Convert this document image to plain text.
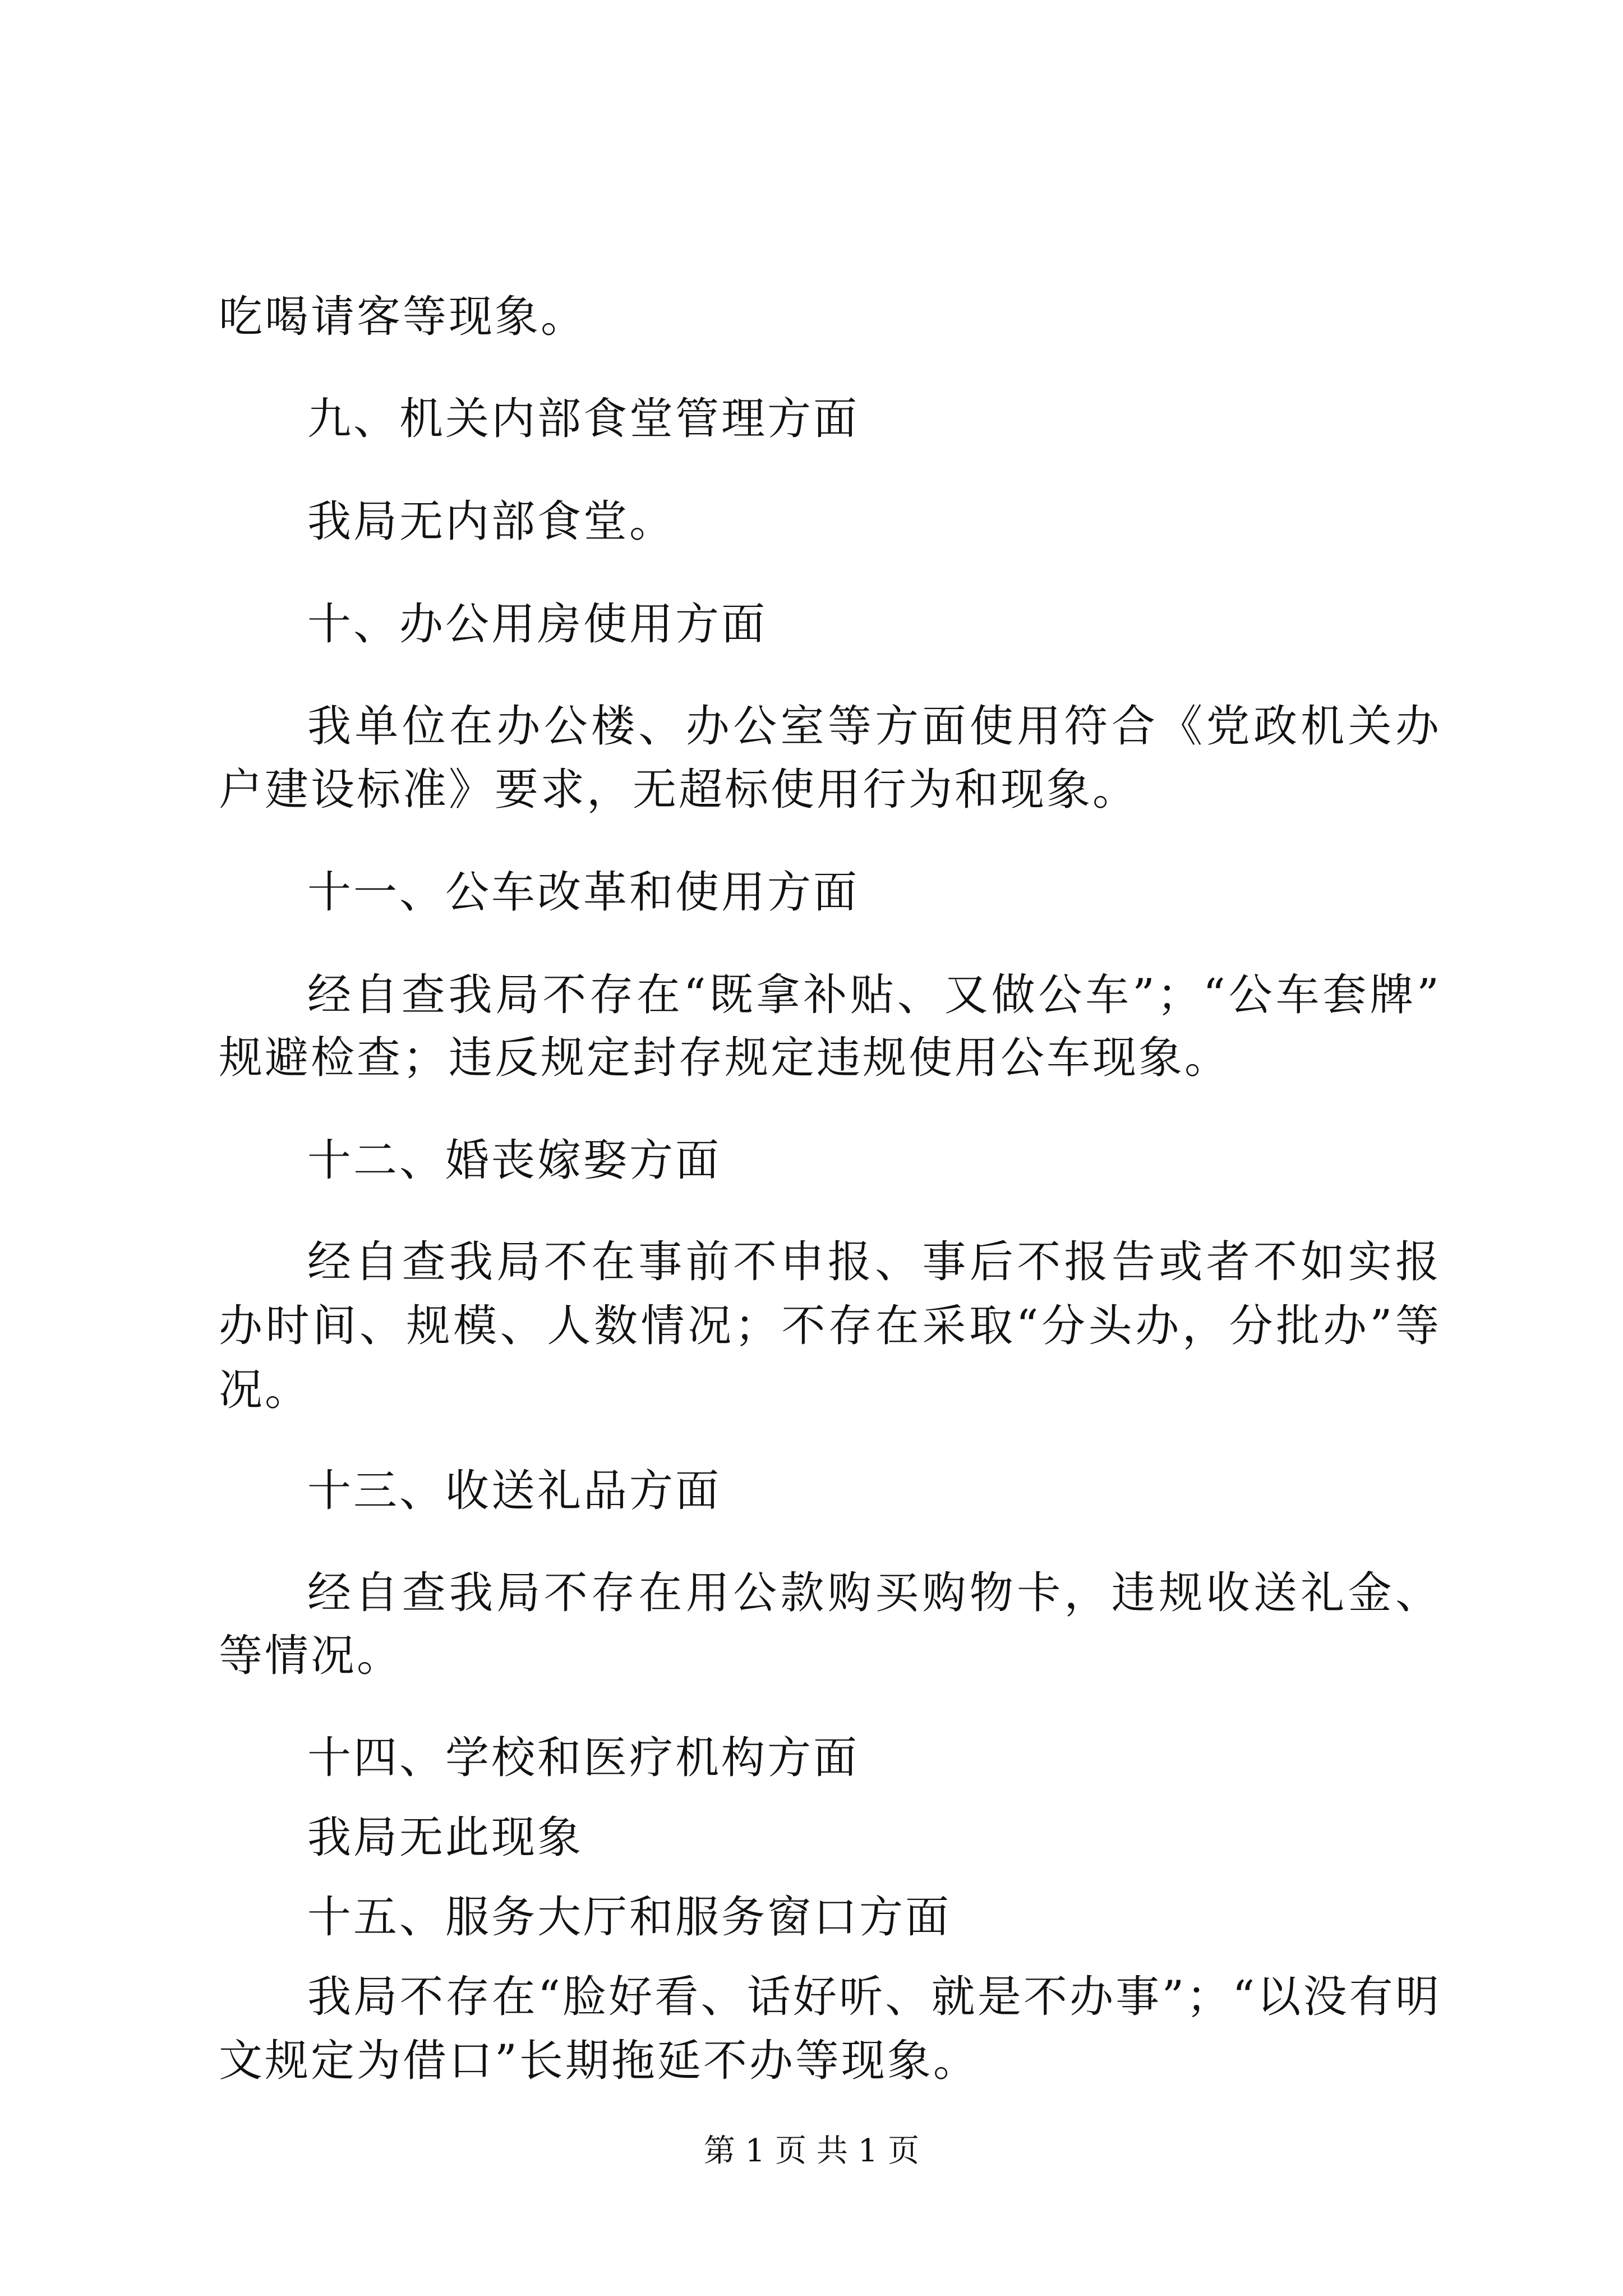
吃喝请客等现象。
九、机关内部食堂管理方面
我局无内部食堂。
十、办公用房使用方面
我单位在办公楼、办公室等方面使用符合《党政机关办
户建设标准》要求，无超标使用行为和现象。
十一、公车改革和使用方面
经自查我局不存在“既拿补贴、又做公车”；“公车套牌”
规避检查；违反规定封存规定违规使用公车现象。
十二、婚丧嫁娶方面
经自查我局不在事前不申报、事后不报告或者不如实报
办时间、规模、人数情况；不存在采取“分头办，分批办”等
况。
十三、收送礼品方面
经自查我局不存在用公款购买购物卡，违规收送礼金、
等情况。
十四、学校和医疗机构方面
我局无此现象
十五、服务大厅和服务窗口方面
我局不存在“脸好看、话好听、就是不办事”；“以没有明
文规定为借口”长期拖延不办等现象。
第 1 页 共 1 页
